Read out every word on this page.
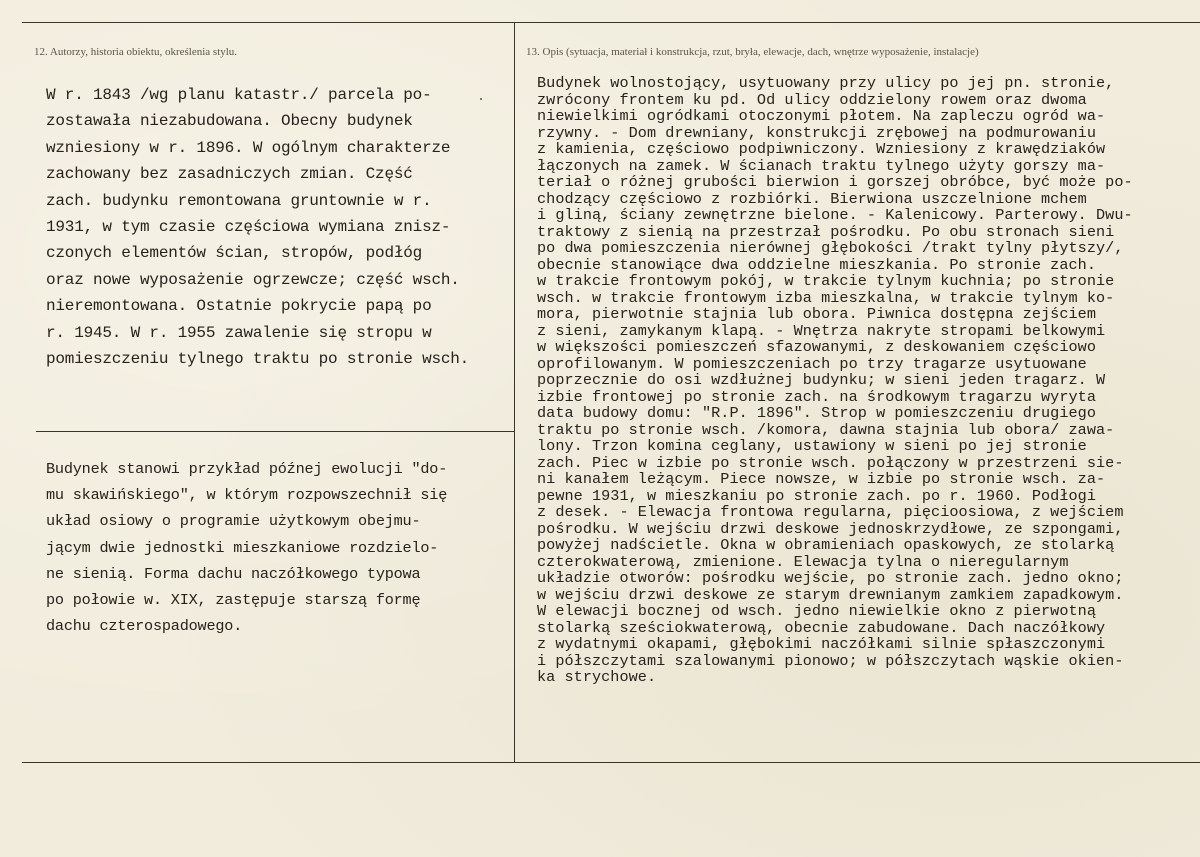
12. Autorzy, historia obiektu, określenia stylu.	13. Opis (sytuacja, materiał i konstrukcja, rzut, bryła, elewacje, dach, wnętrze wyposażenie, instalacje)
W r. 1843 /wg planu katastr./ parcela po-
zostawała niezabudowana. Obecny budynek
wzniesiony w r. 1896. W ogólnym charakterze
zachowany bez zasadniczych zmian. Część
zach. budynku remontowana gruntownie w r.
1931, w tym czasie częściowa wymiana znisz-
czonych elementów ścian, stropów, podłóg
oraz nowe wyposażenie ogrzewcze; część wsch.
nieremontowana. Ostatnie pokrycie papą po
r. 1945. W r. 1955 zawalenie się stropu w
pomieszczeniu tylnego traktu po stronie wsch.
Budynek stanowi przykład późnej ewolucji "do-
mu skawińskiego", w którym rozpowszechnił się
układ osiowy o programie użytkowym obejmu-
jącym dwie jednostki mieszkaniowe rozdzielo-
ne sienią. Forma dachu naczółkowego typowa
po połowie w. XIX, zastępuje starszą formę
dachu czterospadowego.
Budynek wolnostojący, usytuowany przy ulicy po jej pn. stronie,
zwrócony frontem ku pd. Od ulicy oddzielony rowem oraz dwoma
niewielkimi ogródkami otoczonymi płotem. Na zapleczu ogród wa-
rzywny. - Dom drewniany, konstrukcji zrębowej na podmurowaniu
z kamienia, częściowo podpiwniczony. Wzniesiony z krawędziaków
łączonych na zamek. W ścianach traktu tylnego użyty gorszy ma-
teriał o różnej grubości bierwion i gorszej obróbce, być może po-
chodzący częściowo z rozbiórki. Bierwiona uszczelnione mchem
i gliną, ściany zewnętrzne bielone. - Kalenicowy. Parterowy. Dwu-
traktowy z sienią na przestrzał pośrodku. Po obu stronach sieni
po dwa pomieszczenia nierównej głębokości /trakt tylny płytszy/,
obecnie stanowiące dwa oddzielne mieszkania. Po stronie zach.
w trakcie frontowym pokój, w trakcie tylnym kuchnia; po stronie
wsch. w trakcie frontowym izba mieszkalna, w trakcie tylnym ko-
mora, pierwotnie stajnia lub obora. Piwnica dostępna zejściem
z sieni, zamykanym klapą. - Wnętrza nakryte stropami belkowymi
w większości pomieszczeń sfazowanymi, z deskowaniem częściowo
oprofilowanym. W pomieszczeniach po trzy tragarze usytuowane
poprzecznie do osi wzdłużnej budynku; w sieni jeden tragarz. W
izbie frontowej po stronie zach. na środkowym tragarzu wyryta
data budowy domu: "R.P. 1896". Strop w pomieszczeniu drugiego
traktu po stronie wsch. /komora, dawna stajnia lub obora/ zawa-
lony. Trzon komina ceglany, ustawiony w sieni po jej stronie
zach. Piec w izbie po stronie wsch. połączony w przestrzeni sie-
ni kanałem leżącym. Piece nowsze, w izbie po stronie wsch. za-
pewne 1931, w mieszkaniu po stronie zach. po r. 1960. Podłogi
z desek. - Elewacja frontowa regularna, pięcioosiowa, z wejściem
pośrodku. W wejściu drzwi deskowe jednoskrzydłowe, ze szpongami,
powyżej nadścietle. Okna w obramieniach opaskowych, ze stolarką
czterokwaterową, zmienione. Elewacja tylna o nieregularnym
układzie otworów: pośrodku wejście, po stronie zach. jedno okno;
w wejściu drzwi deskowe ze starym drewnianym zamkiem zapadkowym.
W elewacji bocznej od wsch. jedno niewielkie okno z pierwotną
stolarką sześciokwaterową, obecnie zabudowane. Dach naczółkowy
z wydatnymi okapami, głębokimi naczółkami silnie spłaszczonymi
i półszczytami szalowanymi pionowo; w półszczytach wąskie okien-
ka strychowe.
